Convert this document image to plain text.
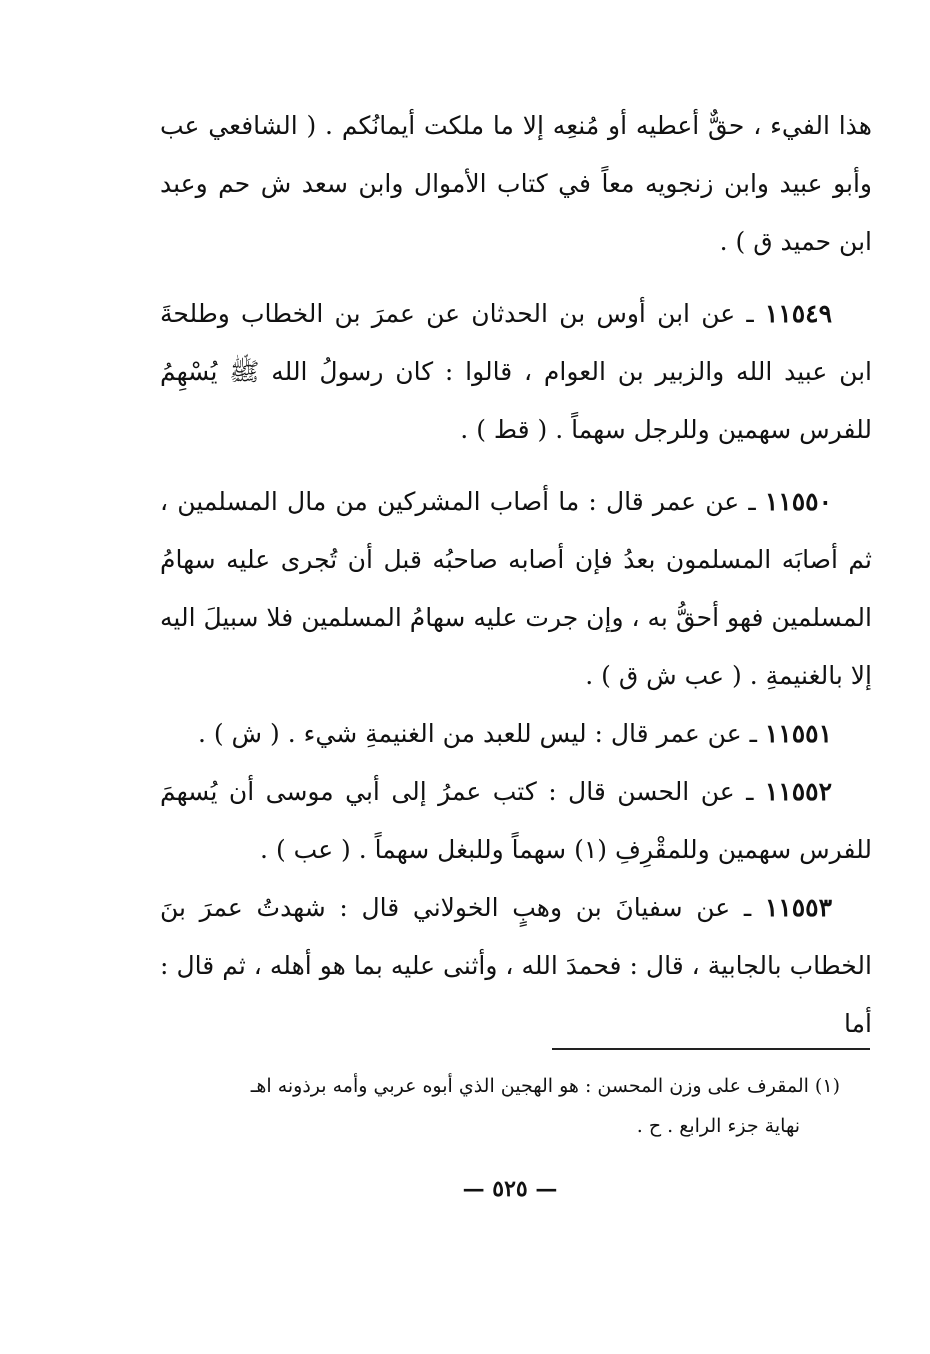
هذا الفيء ، حقٌّ أعطيه أو مُنعِه إلا ما ملكت أيمانُكم . ( الشافعي عب وأبو عبيد وابن زنجويه معاً في كتاب الأموال وابن سعد ش حم وعبد ابن حميد ق ) .

١١٥٤٩ ـ عن ابن أوس بن الحدثان عن عمرَ بن الخطاب وطلحةَ ابن عبيد الله والزبير بن العوام ، قالوا : كان رسولُ الله ﷺ يُسْهِمُ للفرس سهمين وللرجل سهماً . ( قط ) .

١١٥٥٠ ـ عن عمر قال : ما أصاب المشركين من مال المسلمين ، ثم أصابَه المسلمون بعدُ فإن أصابه صاحبُه قبل أن تُجرى عليه سهامُ المسلمين فهو أحقُّ به ، وإن جرت عليه سهامُ المسلمين فلا سبيلَ اليه إلا بالغنيمةِ . ( عب ش ق ) .

١١٥٥١ ـ عن عمر قال : ليس للعبد من الغنيمةِ شيء . ( ش ) .

١١٥٥٢ ـ عن الحسن قال : كتب عمرُ إلى أبي موسى أن يُسهمَ للفرس سهمين وللمقْرِفِ (١) سهماً وللبغل سهماً . ( عب ) .

١١٥٥٣ ـ عن سفيانَ بن وهبٍ الخولاني قال : شهدتُ عمرَ بنَ الخطاب بالجابية ، قال : فحمدَ الله ، وأثنى عليه بما هو أهله ، ثم قال : أما

(١) المقرف على وزن المحسن : هو الهجين الذي أبوه عربي وأمه برذونه اهـ
نهاية جزء الرابع . ح .
— ٥٢٥ —
